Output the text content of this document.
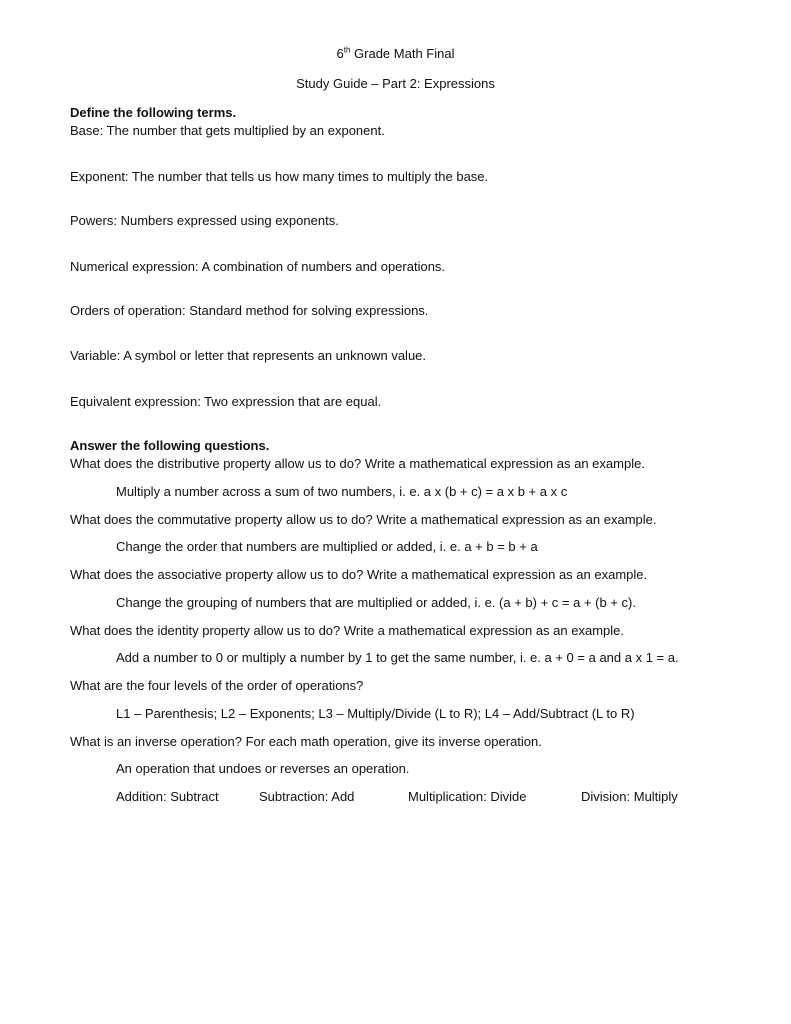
6th Grade Math Final
Study Guide – Part 2: Expressions
Define the following terms.
Base: The number that gets multiplied by an exponent.
Exponent: The number that tells us how many times to multiply the base.
Powers: Numbers expressed using exponents.
Numerical expression: A combination of numbers and operations.
Orders of operation: Standard method for solving expressions.
Variable: A symbol or letter that represents an unknown value.
Equivalent expression: Two expression that are equal.
Answer the following questions.
What does the distributive property allow us to do? Write a mathematical expression as an example.
Multiply a number across a sum of two numbers, i. e. a x (b + c) = a x b + a x c
What does the commutative property allow us to do? Write a mathematical expression as an example.
Change the order that numbers are multiplied or added, i. e. a + b = b + a
What does the associative property allow us to do? Write a mathematical expression as an example.
Change the grouping of numbers that are multiplied or added, i. e. (a + b) + c = a + (b + c).
What does the identity property allow us to do? Write a mathematical expression as an example.
Add a number to 0 or multiply a number by 1 to get the same number, i. e. a + 0 = a and a x 1 = a.
What are the four levels of the order of operations?
L1 – Parenthesis; L2 – Exponents; L3 – Multiply/Divide (L to R); L4 – Add/Subtract (L to R)
What is an inverse operation? For each math operation, give its inverse operation.
An operation that undoes or reverses an operation.
Addition: Subtract	Subtraction: Add	Multiplication: Divide	Division: Multiply
